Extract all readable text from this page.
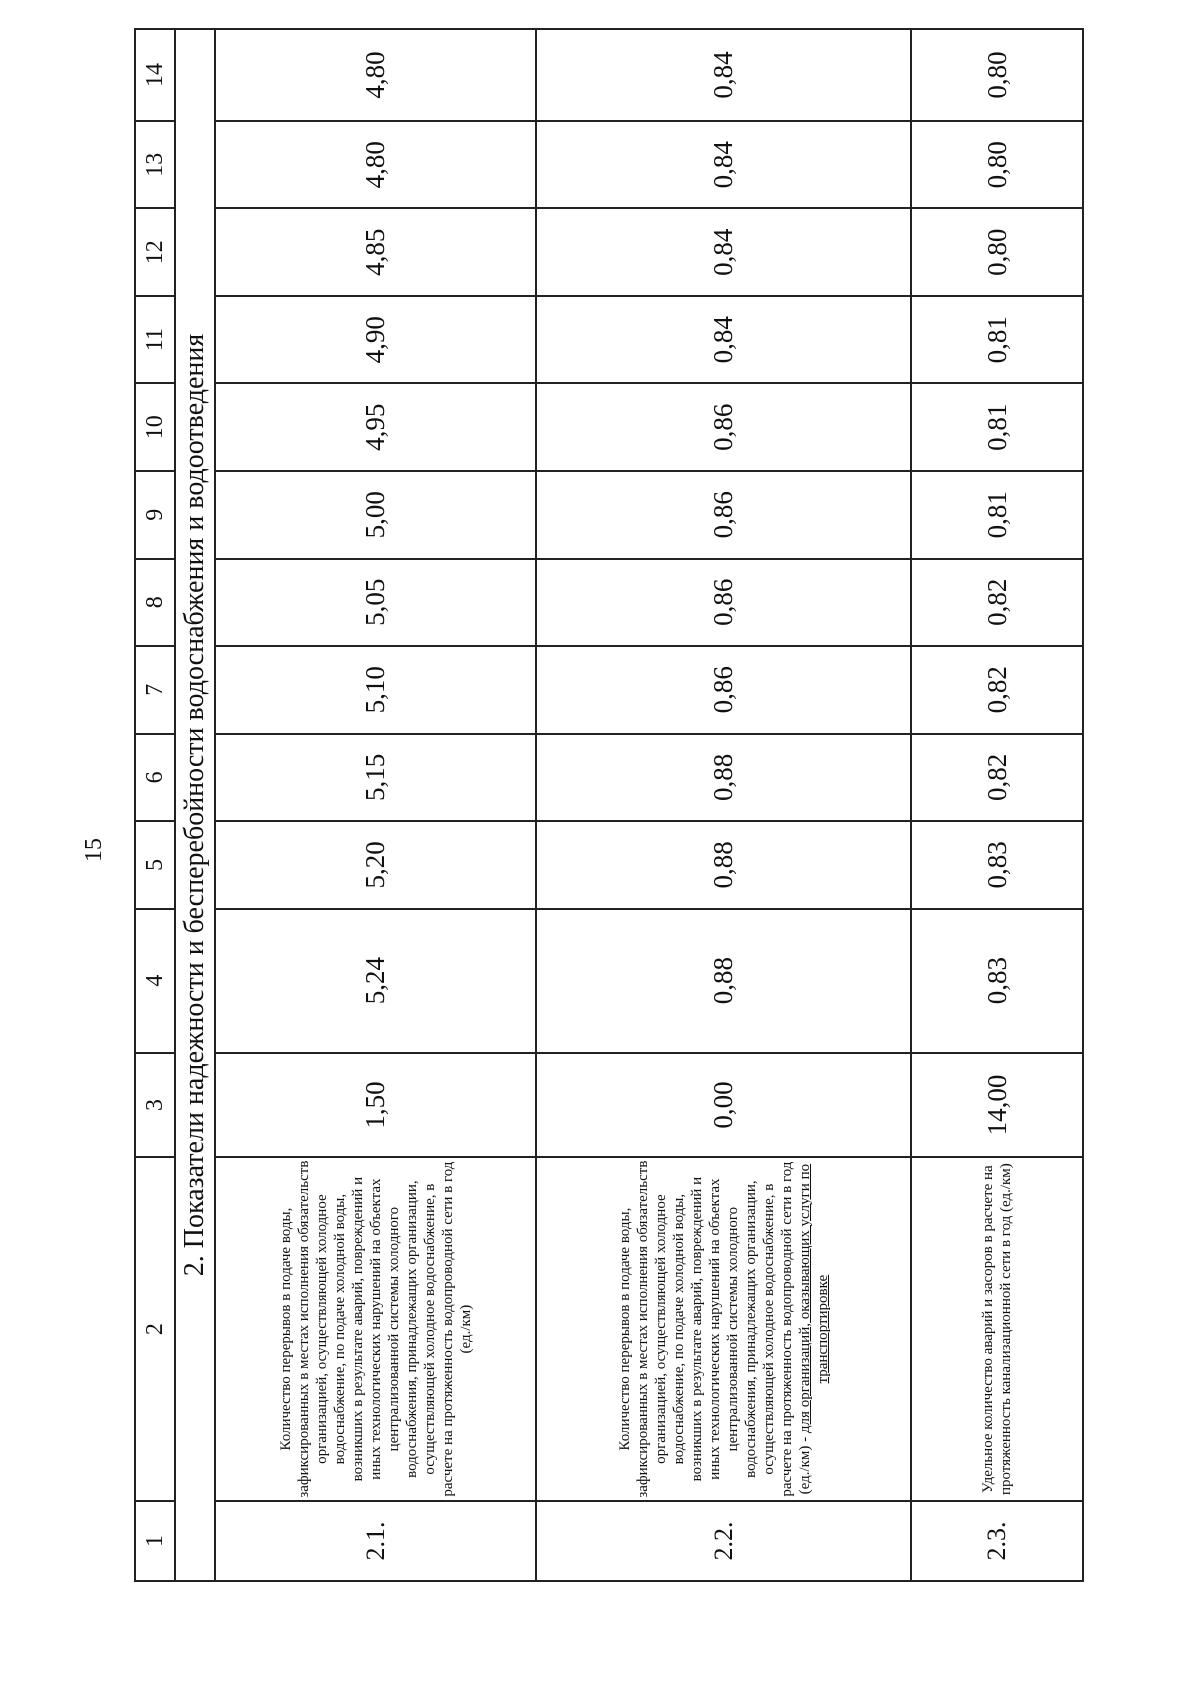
15
1	2	3	4	5	6	7	8	9	10	11	12	13	14
2. Показатели надежности и бесперебойности водоснабжения и водоотведения													
2.1.	Количество перерывов в подаче воды, зафиксированных в местах исполнения обязательств организацией, осуществляющей холодное водоснабжение, по подаче холодной воды, возникших в результате аварий, повреждений и иных технологических нарушений на объектах централизованной системы холодного водоснабжения, принадлежащих организации, осуществляющей холодное водоснабжение, в расчете на протяженность водопроводной сети в год (ед./км)	1,50	5,24	5,20	5,15	5,10	5,05	5,00	4,95	4,90	4,85	4,80	4,80
2.2.	Количество перерывов в подаче воды, зафиксированных в местах исполнения обязательств организацией, осуществляющей холодное водоснабжение, по подаче холодной воды, возникших в результате аварий, повреждений и иных технологических нарушений на объектах централизованной системы холодного водоснабжения, принадлежащих организации, осуществляющей холодное водоснабжение, в расчете на протяженность водопроводной сети в год (ед./км) - для организаций, оказывающих услуги по транспортировке	0,00	0,88	0,88	0,88	0,86	0,86	0,86	0,86	0,84	0,84	0,84	0,84
2.3.	Удельное количество аварий и засоров в расчете на протяженность канализационной сети в год (ед./км)	14,00	0,83	0,83	0,82	0,82	0,82	0,81	0,81	0,81	0,80	0,80	0,80
